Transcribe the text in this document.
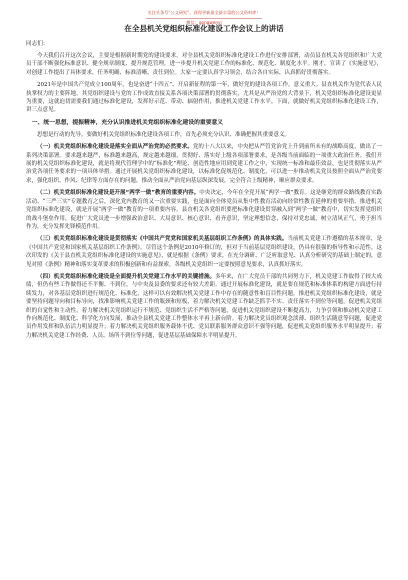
关注头条号“公文研究”，获得更新最全最丰富的公文资料库！ 微信：gongwenyj
在全县机关党组织标准化建设工作会议上的讲话
同志们：

今天我们召开这次会议，主要是根据新时期党的建设要求，对全县机关党组织标准化建设工作进行安排部署，动员县直机关各党组织和广大党员干部不断强化标准意识、健全规章制度、提升规范管理，进一步提升机关党建工作的标准化、规范化、制度化水平。刚才，宣读了《实施意见》，对创建工作提出了具体要求，任务明确、标准清晰、责任到位。大家一定要认真学习领会，结合各自实际，认真抓好贯彻落实。

2021年是中国共产党成立100周年，也是奋进“十四五”、开启新征程的第一年，做好党的建设各项工作，意义重大。县直机关作为党代表人民执掌权力的主要阵地，其党组织建设与党的工作成效直接关系各项决策部署的贯彻落实，尤其是从严治党的大背景下，机关党组织标准化建设更显为重要，这就迫切需要我们通过标准化建设，发挥好示范、带动、辐射作用，推进机关党建工作水平。下面，就做好机关党组织标准化建设工作，讲三点意见。

一、统一思想，提振精神，充分认识推进机关党组织标准化建设的重要意义

思想是行动的先导。要做好机关党组织标准化建设各项工作，首先必须充分认识、准确把握其重要意义。

（一）机关党组织标准化建设是落实全面从严治党的必然要求。党的十八大以来，中央把从严管党治党上升到前所未有的战略高度，做出了一系列决策部署。要求越来越严，标准越来越高，规定越来越细，贯彻好、落实好上级各项部署要求，是各级当前面临的一项重大政治任务。我们开展的机关党组织标准化建设，就是将现代管理学中的“标准化”理论，创造性地应用到党建工作之中，实现统一标准和最佳效益，也是贯彻落实从严治党各项任务要求的一项具体举措。通过开展机关党组织标准化建设，以标准化促规范化、制度化，可以进一步推动机关党员按照全面从严治党要求，强化组织、作风、纪律等方面存在的问题，推动全面从严治党向基层纵深发展，完全符合上级精神，顺应群众要求。

（二）机关党组织标准化建设是开展“两学一做”教育的重要内容。中央决定，今年在全党开展“两学一做”教育。这是继党的群众路线教育实践活动、“三严三实”专题教育之后，深化党内教育的又一次重要实践，也是面向全体党员从集中性教育活动向经常性教育延伸的重要举措。推进机关党组织标准化建设，就是开展“两学一做”教育的一项重要内容。县直机关各党组织要把标准化建设贯穿融入到“两学一做”教育中，切实发挥党组织的战斗堡垒作用，促进广大党员进一步增强政治意识、大局意识、核心意识、看齐意识，坚定理想信念，保持对党忠诚，树立清风正气，勇于担当作为，充分发挥先锋模范作用。

（三）机关党组织标准化建设是贯彻落实《中国共产党党和国家机关基层组织工作条例》的具体实践。当前机关党建工作遵循的基本规章，是《中国共产党党和国家机关基层组织工作条例》。尽管这个条例是2010年修订的，但对于当前基层党组织建设，仍具有很强的指导性和示范性。这次印发的《关于县直机关党组织标准化建设的实施意见》，就是根据《条例》要求，在充分调研、广泛听取意见、认真分析研究的基础上制定的，意见对照《条例》精神和落实变革要求的积极创新和有益探索。各级机关党组织一定要按照意见要求，认真抓好落实。

（四）机关党组织标准化建设是全面提升机关党建工作水平的关键措施。多年来，在广大党员干部的共同努力下，机关党建工作取得了较大成绩，但仍有些工作做得还不平衡、不到位，与中央及县委的要求还有较大差距。通过开展标准化建设，就是要在规范和标准体系的构建方面进行持续发力，对各基层党组织进行规范化、标准化，这样可以有效解决机关党建工作中存在的随意性和盲目性问题。推进机关党组织标准化建设，就是要坚持问题导向和目标导向，找准影响机关党建工作的瓶颈和短板，着力解决机关党建工作缺乏抓手不实、责任落实不到位等问题，促进机关党组织的自觉性和主动性，着力解决机关党组织运行不规范、党组织生活不严格等问题，促进机关党组织建设不断提高力，力争引领和推动机关党建工作向规范化、制度化、科学化方向发展，推动全县机关党建工作整体水平再上新台阶。着力解决党员组织观念淡薄、组织生活随意等问题，促进党员作用发挥和队伍活力明显提升；着力解决机关党组织服务载体不优、党员联系服务群众意识不强等问题，促进机关党组织服务水平明显提升；着力解决机关党建工作经费、人员、场所不到位等问题，促进基层基础保障水平明显提升。
